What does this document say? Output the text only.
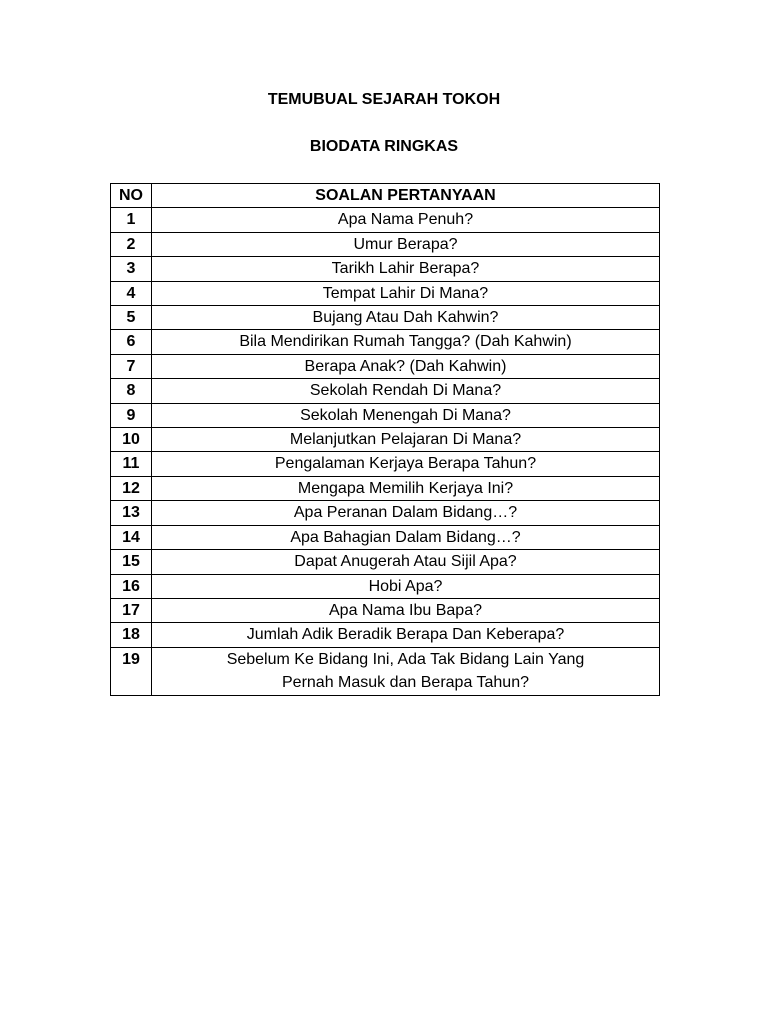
TEMUBUAL SEJARAH TOKOH
BIODATA RINGKAS
NO	SOALAN PERTANYAAN
1	Apa Nama Penuh?
2	Umur Berapa?
3	Tarikh Lahir Berapa?
4	Tempat Lahir Di Mana?
5	Bujang Atau Dah Kahwin?
6	Bila Mendirikan Rumah Tangga? (Dah Kahwin)
7	Berapa Anak? (Dah Kahwin)
8	Sekolah Rendah Di Mana?
9	Sekolah Menengah Di Mana?
10	Melanjutkan Pelajaran Di Mana?
11	Pengalaman Kerjaya Berapa Tahun?
12	Mengapa Memilih Kerjaya Ini?
13	Apa Peranan Dalam Bidang…?
14	Apa Bahagian Dalam Bidang…?
15	Dapat Anugerah Atau Sijil Apa?
16	Hobi Apa?
17	Apa Nama Ibu Bapa?
18	Jumlah Adik Beradik Berapa Dan Keberapa?
19	Sebelum Ke Bidang Ini, Ada Tak Bidang Lain Yang
Pernah Masuk dan Berapa Tahun?
